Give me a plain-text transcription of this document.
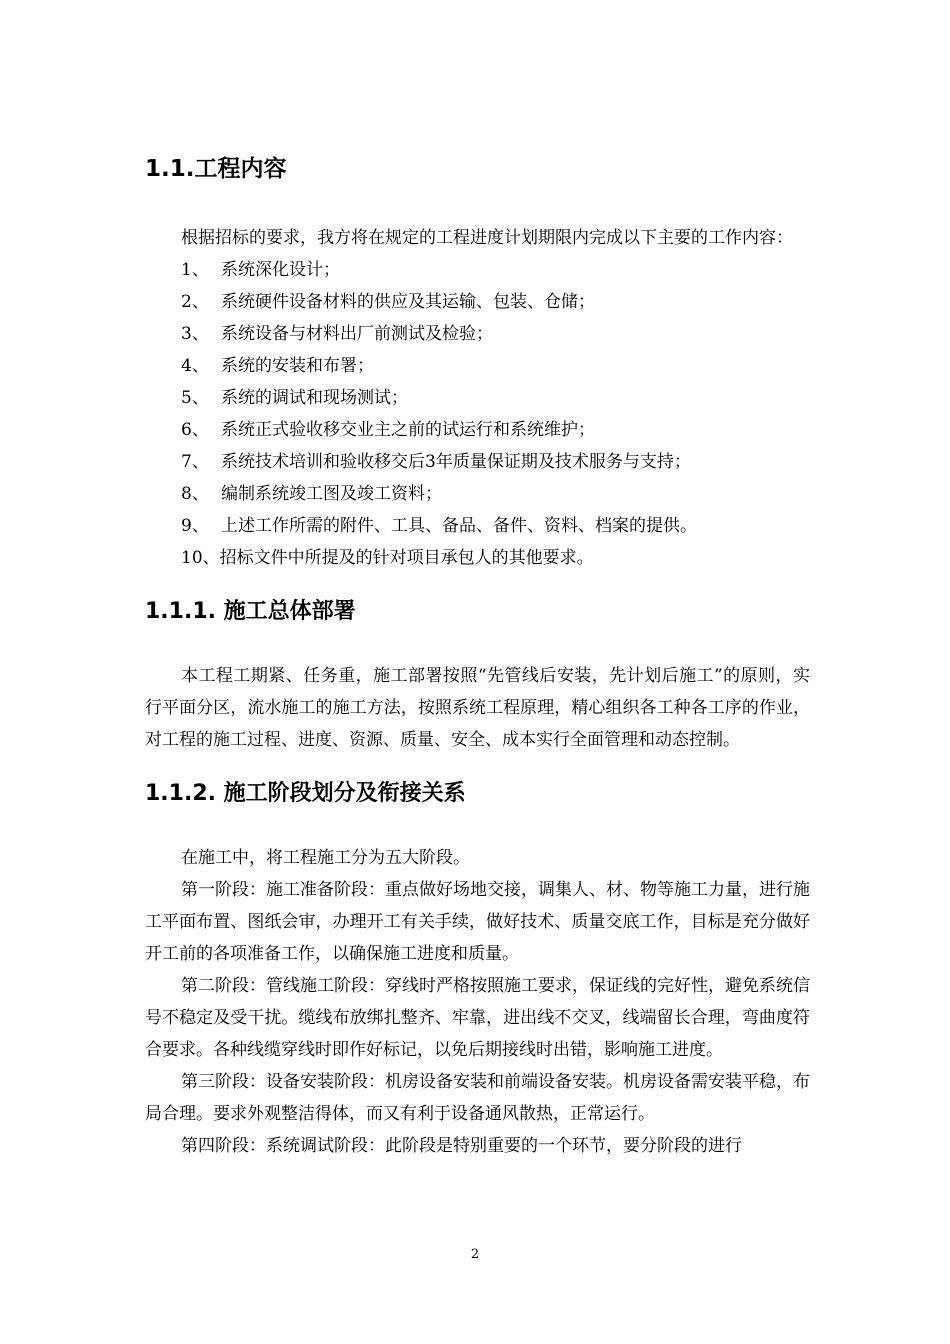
1.1.工程内容

根据招标的要求，我方将在规定的工程进度计划期限内完成以下主要的工作内容：

1、 系统深化设计；
2、 系统硬件设备材料的供应及其运输、包装、仓储；
3、 系统设备与材料出厂前测试及检验；
4、 系统的安装和布署；
5、 系统的调试和现场测试；
6、 系统正式验收移交业主之前的试运行和系统维护；
7、 系统技术培训和验收移交后3年质量保证期及技术服务与支持；
8、 编制系统竣工图及竣工资料；
9、 上述工作所需的附件、工具、备品、备件、资料、档案的提供。
10、 招标文件中所提及的针对项目承包人的其他要求。
1.1.1. 施工总体部署

本工程工期紧、任务重，施工部署按照“先管线后安装，先计划后施工”的原则，实行平面分区，流水施工的施工方法，按照系统工程原理，精心组织各工种各工序的作业，对工程的施工过程、进度、资源、质量、安全、成本实行全面管理和动态控制。

1.1.2. 施工阶段划分及衔接关系

在施工中，将工程施工分为五大阶段。

第一阶段：施工准备阶段：重点做好场地交接，调集人、材、物等施工力量，进行施工平面布置、图纸会审，办理开工有关手续，做好技术、质量交底工作，目标是充分做好开工前的各项准备工作，以确保施工进度和质量。

第二阶段：管线施工阶段：穿线时严格按照施工要求，保证线的完好性，避免系统信号不稳定及受干扰。缆线布放绑扎整齐、牢靠，进出线不交叉，线端留长合理，弯曲度符合要求。各种线缆穿线时即作好标记，以免后期接线时出错，影响施工进度。

第三阶段：设备安装阶段：机房设备安装和前端设备安装。机房设备需安装平稳，布局合理。要求外观整洁得体，而又有利于设备通风散热，正常运行。

第四阶段：系统调试阶段：此阶段是特别重要的一个环节，要分阶段的进行

2
